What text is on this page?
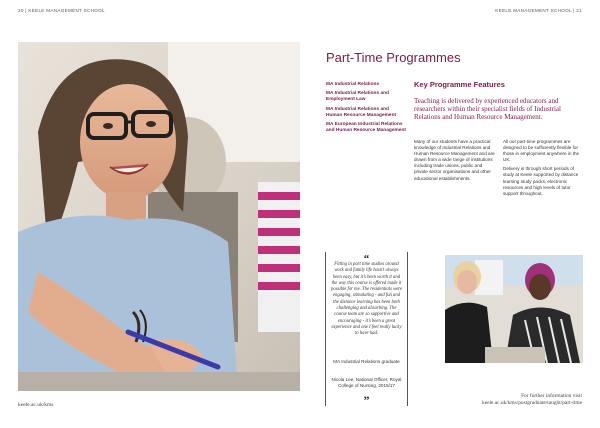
20 | KEELE MANAGEMENT SCHOOL	KEELE MANAGEMENT SCHOOL | 21
keele.ac.uk/kms
Part-Time Programmes
MA Industrial Relations
MA Industrial Relations and Employment Law
MA Industrial Relations and Human Resource Management
MA European Industrial Relations and Human Resource Management
Key Programme Features
Teaching is delivered by experienced educators and researchers within their specialist fields of Industrial Relations and Human Resource Management.

Many of our students have a practical knowledge of Industrial Relations and Human Resource Management and are drawn from a wide range of institutions including trade unions, public and private sector organisations and other educational establishments.

All our part-time programmes are designed to be sufficiently flexible for those in employment anywhere in the UK.

Delivery is through short periods of study at Keele supported by distance learning study packs, electronic resources and high levels of tutor support throughout.

“
Fitting in part time studies around work and family life hasn’t always been easy, but it’s been worth it and the way this course is offered made it possible for me. The residentials were engaging, stimulating - and fun and the distance learning has been both challenging and absorbing. The course team are so supportive and encouraging - it’s been a great experience and one I feel really lucky to have had.
MA Industrial Relations graduate
Nicola Lee, National Officer, Royal College of Nursing, 2015/17
”	For further information visit
keele.ac.uk/kms/postgraduate/taught/part-time
